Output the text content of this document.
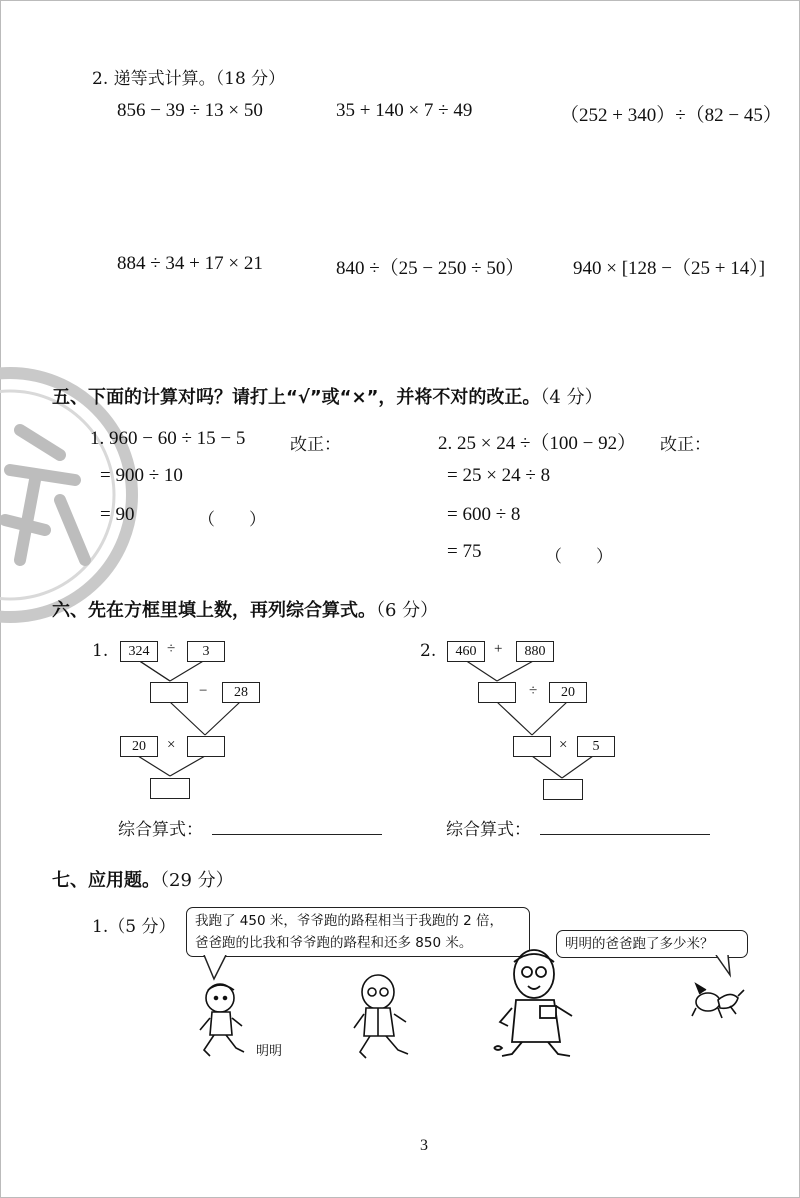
2. 递等式计算。（18 分）
856 − 39 ÷ 13 × 50	35 + 140 × 7 ÷ 49	（252 + 340）÷（82 − 45）
884 ÷ 34 + 17 × 21	840 ÷（25 − 250 ÷ 50）	940 × [128 −（25 + 14）]
五、下面的计算对吗？请打上“√”或“×”，并将不对的改正。（4 分）
1. 960 − 60 ÷ 15 − 5	改正：
= 900 ÷ 10
= 90	（　　）
2. 25 × 24 ÷（100 − 92） 改正：
= 25 × 24 ÷ 8
= 600 ÷ 8
= 75	（　　）
六、先在方框里填上数，再列综合算式。（6 分）
1.	324	÷	3
−	28
20	×
综合算式：
2.	460	+	880
÷	20
×	5
综合算式：
七、应用题。（29 分）
1.（5 分） 我跑了 450 米，爷爷跑的路程相当于我跑的 2 倍，
爸爸跑的比我和爷爷跑的路程和还多 850 米。	明明的爸爸跑了多少米？
明明
3
